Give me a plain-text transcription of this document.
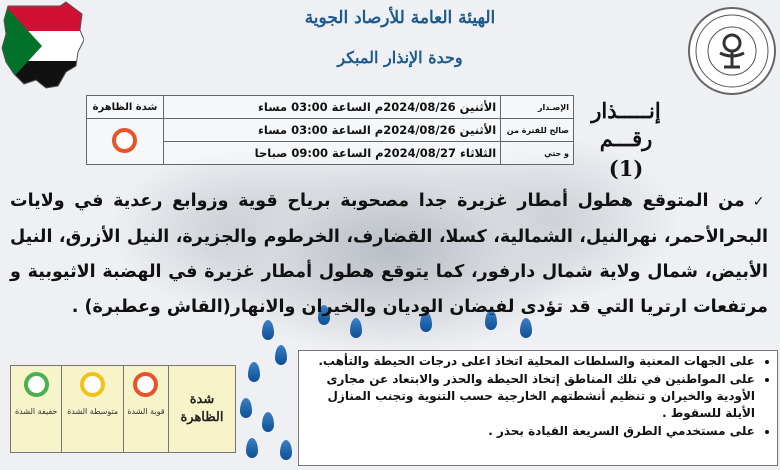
الهيئة العامة للأرصاد الجوية
وحدة الإنذار المبكر
إنـــــذار
رقـــم (1)
الإصـدار	الأثنين 2024/08/26م الساعة 03:00 مساء	شدة الظاهرة
صالح للفترة من	الأثنين 2024/08/26م الساعة 03:00 مساء	
و حتي	الثلاثاء 2024/08/27م الساعة 09:00 صباحا	
✓من المتوقع هطول أمطار غزيرة جدا مصحوبة برياح قوية وزوابع رعدية في ولايات البحرالأحمر، نهرالنيل، الشمالية، كسلا، القضارف، الخرطوم والجزيرة، النيل الأزرق، النيل الأبيض، شمال ولاية شمال دارفور، كما يتوقع هطول أمطار غزيرة في الهضبة الاثيوبية و مرتفعات ارتريا التي قد تؤدى لفيضان الوديان والخيران والانهار(القاش وعطبرة) .
• على الجهات المعنية والسلطات المحلية اتخاذ اعلى درجات الحيطة والتأهب.
• على المواطنين في تلك المناطق إتخاذ الحيطة والحذر والابتعاد عن مجارى الأودية والخيران و تنظيم أنشطتهم الخارجية حسب التنوية وتجنب المنازل الأيلة للسقوط .
• على مستخدمي الطرق السريعة القيادة بحذر .
شدة الظاهرة	
قوية الشدة	
متوسطة الشدة	
خفيفة الشدة
